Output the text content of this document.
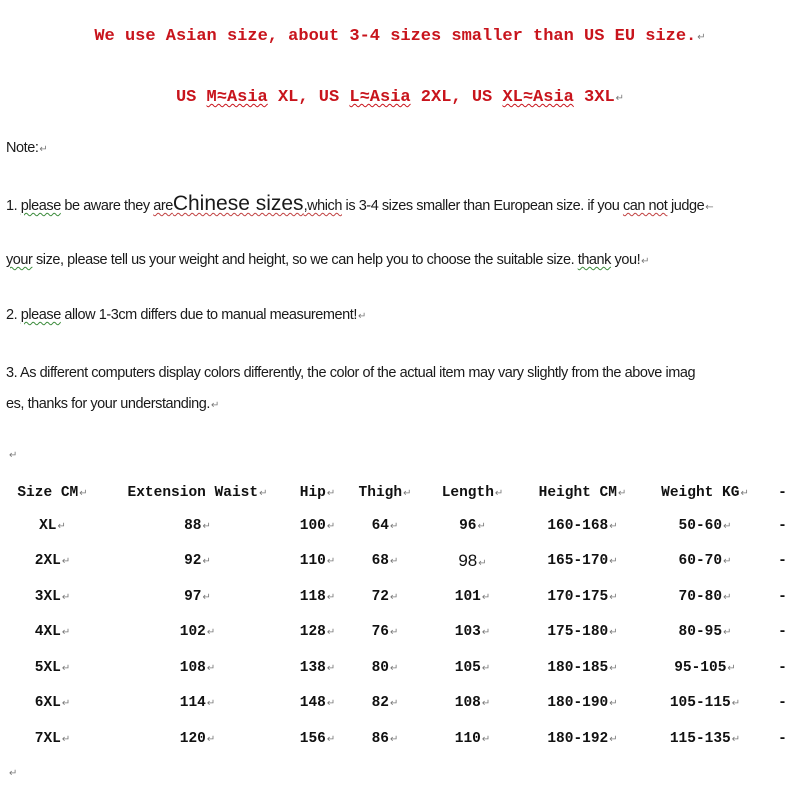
We use Asian size, about 3-4 sizes smaller than US EU size.↵
US M≈Asia XL, US L≈Asia 2XL, US XL≈Asia 3XL↵
Note:↵
1. please be aware they areChinese sizes,which is 3-4 sizes smaller than European size. if you can not judge←
your size, please tell us your weight and height, so we can help you to choose the suitable size. thank you!↵
2. please allow 1-3cm differs due to manual measurement!↵
3. As different computers display colors differently, the color of the actual item may vary slightly from the above imag
es, thanks for your understanding.↵
↵
Size CM↵	Extension Waist↵	Hip↵	Thigh↵	Length↵	Height CM↵	Weight KG↵	-
XL↵	88↵	100↵	64↵	96↵	160-168↵	50-60↵	-
2XL↵	92↵	110↵	68↵	98↵	165-170↵	60-70↵	-
3XL↵	97↵	118↵	72↵	101↵	170-175↵	70-80↵	-
4XL↵	102↵	128↵	76↵	103↵	175-180↵	80-95↵	-
5XL↵	108↵	138↵	80↵	105↵	180-185↵	95-105↵	-
6XL↵	114↵	148↵	82↵	108↵	180-190↵	105-115↵	-
7XL↵	120↵	156↵	86↵	110↵	180-192↵	115-135↵	-
↵
